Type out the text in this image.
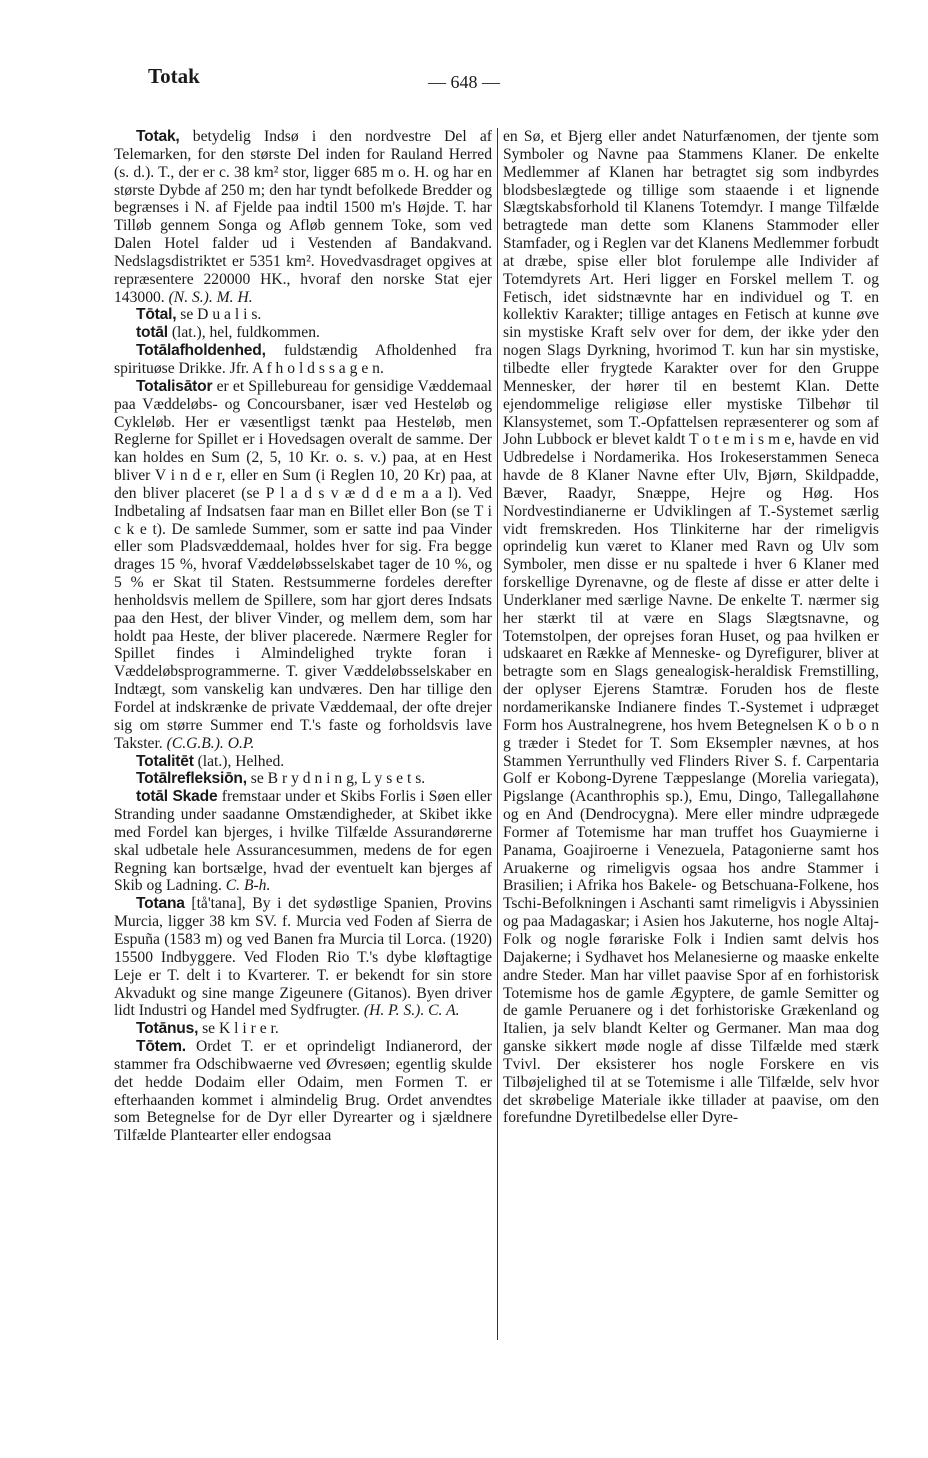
Totak	— 648 —

Totak, betydelig Indsø i den nordvestre Del af Telemarken, for den største Del inden for Rauland Herred (s. d.). T., der er c. 38 km² stor, ligger 685 m o. H. og har en største Dybde af 250 m; den har tyndt befolkede Bredder og begrænses i N. af Fjelde paa indtil 1500 m's Højde. T. har Tilløb gennem Songa og Afløb gennem Toke, som ved Dalen Hotel falder ud i Vestenden af Bandakvand. Nedslagsdistriktet er 5351 km². Hovedvasdraget opgives at repræsentere 220000 HK., hvoraf den norske Stat ejer 143000. (N. S.). M. H.

Tōtal, se D u a l i s.

totāl (lat.), hel, fuldkommen.

Totālafholdenhed, fuldstændig Afholdenhed fra spirituøse Drikke. Jfr. A f h o l d s s a g e n.

Totalisātor er et Spillebureau for gensidige Væddemaal paa Væddeløbs- og Concoursbaner, især ved Hesteløb og Cykleløb. Her er væsentligst tænkt paa Hesteløb, men Reglerne for Spillet er i Hovedsagen overalt de samme. Der kan holdes en Sum (2, 5, 10 Kr. o. s. v.) paa, at en Hest bliver V i n d e r, eller en Sum (i Reglen 10, 20 Kr) paa, at den bliver placeret (se P l a d s v æ d d e m a a l). Ved Indbetaling af Indsatsen faar man en Billet eller Bon (se T i c k e t). De samlede Summer, som er satte ind paa Vinder eller som Pladsvæddemaal, holdes hver for sig. Fra begge drages 15 %, hvoraf Væddeløbsselskabet tager de 10 %, og 5 % er Skat til Staten. Restsummerne fordeles derefter henholdsvis mellem de Spillere, som har gjort deres Indsats paa den Hest, der bliver Vinder, og mellem dem, som har holdt paa Heste, der bliver placerede. Nærmere Regler for Spillet findes i Almindelighed trykte foran i Væddeløbsprogrammerne. T. giver Væddeløbsselskaber en Indtægt, som vanskelig kan undværes. Den har tillige den Fordel at indskrænke de private Væddemaal, der ofte drejer sig om større Summer end T.'s faste og forholdsvis lave Takster. (C.G.B.). O.P.

Totalitēt (lat.), Helhed.

Totālrefleksiōn, se B r y d n i n g, L y s e t s.

totāl Skade fremstaar under et Skibs Forlis i Søen eller Stranding under saadanne Omstændigheder, at Skibet ikke med Fordel kan bjerges, i hvilke Tilfælde Assurandørerne skal udbetale hele Assurancesummen, medens de for egen Regning kan bortsælge, hvad der eventuelt kan bjerges af Skib og Ladning. C. B-h.

Totana [tå'tana], By i det sydøstlige Spanien, Provins Murcia, ligger 38 km SV. f. Murcia ved Foden af Sierra de Espuña (1583 m) og ved Banen fra Murcia til Lorca. (1920) 15500 Indbyggere. Ved Floden Rio T.'s dybe kløftagtige Leje er T. delt i to Kvarterer. T. er bekendt for sin store Akvadukt og sine mange Zigeunere (Gitanos). Byen driver lidt Industri og Handel med Sydfrugter. (H. P. S.). C. A.

Totānus, se K l i r e r.

Tōtem. Ordet T. er et oprindeligt Indianerord, der stammer fra Odschibwaerne ved Øvresøen; egentlig skulde det hedde Dodaim eller Odaim, men Formen T. er efterhaanden kommet i almindelig Brug. Ordet anvendtes som Betegnelse for de Dyr eller Dyrearter og i sjældnere Tilfælde Plantearter eller endogsaa

en Sø, et Bjerg eller andet Naturfænomen, der tjente som Symboler og Navne paa Stammens Klaner. De enkelte Medlemmer af Klanen har betragtet sig som indbyrdes blodsbeslægtede og tillige som staaende i et lignende Slægtskabsforhold til Klanens Totemdyr. I mange Tilfælde betragtede man dette som Klanens Stammoder eller Stamfader, og i Reglen var det Klanens Medlemmer forbudt at dræbe, spise eller blot forulempe alle Individer af Totemdyrets Art. Heri ligger en Forskel mellem T. og Fetisch, idet sidstnævnte har en individuel og T. en kollektiv Karakter; tillige antages en Fetisch at kunne øve sin mystiske Kraft selv over for dem, der ikke yder den nogen Slags Dyrkning, hvorimod T. kun har sin mystiske, tilbedte eller frygtede Karakter over for den Gruppe Mennesker, der hører til en bestemt Klan. Dette ejendommelige religiøse eller mystiske Tilbehør til Klansystemet, som T.-Opfattelsen repræsenterer og som af John Lubbock er blevet kaldt T o t e m i s m e, havde en vid Udbredelse i Nordamerika. Hos Irokeserstammen Seneca havde de 8 Klaner Navne efter Ulv, Bjørn, Skildpadde, Bæver, Raadyr, Snæppe, Hejre og Høg. Hos Nordvestindianerne er Udviklingen af T.-Systemet særlig vidt fremskreden. Hos Tlinkiterne har der rimeligvis oprindelig kun været to Klaner med Ravn og Ulv som Symboler, men disse er nu spaltede i hver 6 Klaner med forskellige Dyrenavne, og de fleste af disse er atter delte i Underklaner med særlige Navne. De enkelte T. nærmer sig her stærkt til at være en Slags Slægtsnavne, og Totemstolpen, der oprejses foran Huset, og paa hvilken er udskaaret en Række af Menneske- og Dyrefigurer, bliver at betragte som en Slags genealogisk-heraldisk Fremstilling, der oplyser Ejerens Stamtræ. Foruden hos de fleste nordamerikanske Indianere findes T.-Systemet i udpræget Form hos Australnegrene, hos hvem Betegnelsen K o b o n g træder i Stedet for T. Som Eksempler nævnes, at hos Stammen Yerrunthully ved Flinders River S. f. Carpentaria Golf er Kobong-Dyrene Tæppeslange (Morelia variegata), Pigslange (Acanthrophis sp.), Emu, Dingo, Tallegallahøne og en And (Dendrocygna). Mere eller mindre udprægede Former af Totemisme har man truffet hos Guaymierne i Panama, Goajiroerne i Venezuela, Patagonierne samt hos Aruakerne og rimeligvis ogsaa hos andre Stammer i Brasilien; i Afrika hos Bakele- og Betschuana-Folkene, hos Tschi-Befolkningen i Aschanti samt rimeligvis i Abyssinien og paa Madagaskar; i Asien hos Jakuterne, hos nogle Altaj-Folk og nogle førariske Folk i Indien samt delvis hos Dajakerne; i Sydhavet hos Melanesierne og maaske enkelte andre Steder. Man har villet paavise Spor af en forhistorisk Totemisme hos de gamle Ægyptere, de gamle Semitter og de gamle Peruanere og i det forhistoriske Grækenland og Italien, ja selv blandt Kelter og Germaner. Man maa dog ganske sikkert møde nogle af disse Tilfælde med stærk Tvivl. Der eksisterer hos nogle Forskere en vis Tilbøjelighed til at se Totemisme i alle Tilfælde, selv hvor det skrøbelige Materiale ikke tillader at paavise, om den forefundne Dyretilbedelse eller Dyre-
